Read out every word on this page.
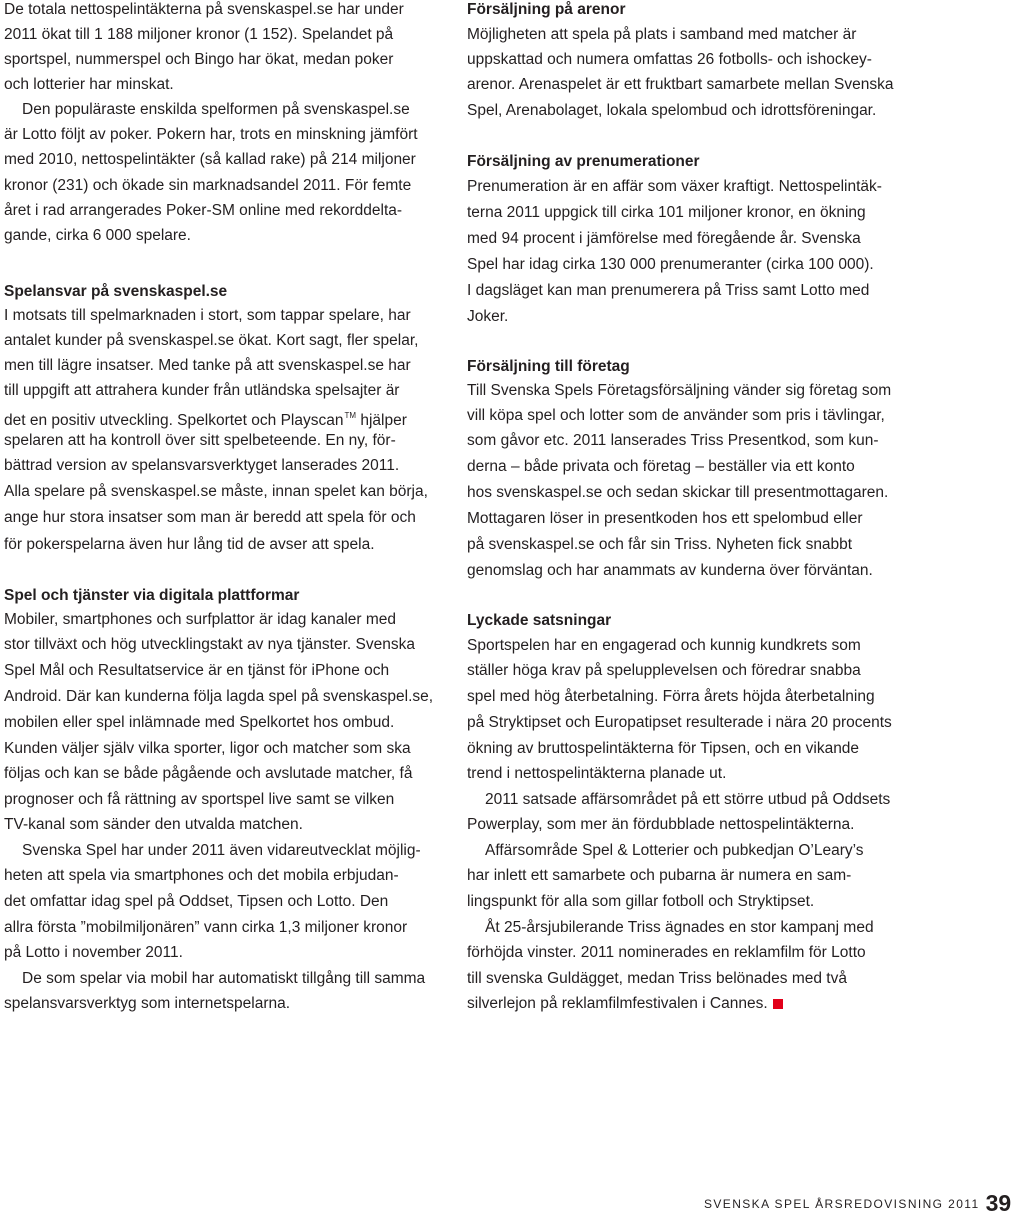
De totala nettospelintäkterna på svenskaspel.se har under
2011 ökat till 1 188 miljoner kronor (1 152). Spelandet på
sportspel, nummerspel och Bingo har ökat, medan poker
och lotterier har minskat.
Den populäraste enskilda spelformen på svenskaspel.se
är Lotto följt av poker. Pokern har, trots en minskning jämfört
med 2010, nettospelintäkter (så kallad rake) på 214 miljoner
kronor (231) och ökade sin marknadsandel 2011. För femte
året i rad arrangerades Poker-SM online med rekorddelta-
gande, cirka 6 000 spelare.
Spelansvar på svenskaspel.se
I motsats till spelmarknaden i stort, som tappar spelare, har
antalet kunder på svenskaspel.se ökat. Kort sagt, fler spelar,
men till lägre insatser. Med tanke på att svenskaspel.se har
till uppgift att attrahera kunder från utländska spelsajter är
det en positiv utveckling. Spelkortet och Playscan™ hjälper
spelaren att ha kontroll över sitt spelbeteende. En ny, för-
bättrad version av spelansvarsverktyget lanserades 2011.
Alla spelare på svenskaspel.se måste, innan spelet kan börja,
ange hur stora insatser som man är beredd att spela för och
för pokerspelarna även hur lång tid de avser att spela.
Spel och tjänster via digitala plattformar
Mobiler, smartphones och surfplattor är idag kanaler med
stor tillväxt och hög utvecklingstakt av nya tjänster. Svenska
Spel Mål och Resultatservice är en tjänst för iPhone och
Android. Där kan kunderna följa lagda spel på svenskaspel.se,
mobilen eller spel inlämnade med Spelkortet hos ombud.
Kunden väljer själv vilka sporter, ligor och matcher som ska
följas och kan se både pågående och avslutade matcher, få
prognoser och få rättning av sportspel live samt se vilken
TV-kanal som sänder den utvalda matchen.
Svenska Spel har under 2011 även vidareutvecklat möjlig-
heten att spela via smartphones och det mobila erbjudan-
det omfattar idag spel på Oddset, Tipsen och Lotto. Den
allra första ”mobilmiljonären” vann cirka 1,3 miljoner kronor
på Lotto i november 2011.
De som spelar via mobil har automatiskt tillgång till samma
spelansvarsverktyg som internetspelarna.
Försäljning på arenor
Möjligheten att spela på plats i samband med matcher är
uppskattad och numera omfattas 26 fotbolls- och ishockey-
arenor. Arenaspelet är ett fruktbart samarbete mellan Svenska
Spel, Arenabolaget, lokala spelombud och idrottsföreningar.
Försäljning av prenumerationer
Prenumeration är en affär som växer kraftigt. Nettospelintäk-
terna 2011 uppgick till cirka 101 miljoner kronor, en ökning
med 94 procent i jämförelse med föregående år. Svenska
Spel har idag cirka 130 000 prenumeranter (cirka 100 000).
I dagsläget kan man prenumerera på Triss samt Lotto med
Joker.
Försäljning till företag
Till Svenska Spels Företagsförsäljning vänder sig företag som
vill köpa spel och lotter som de använder som pris i tävlingar,
som gåvor etc. 2011 lanserades Triss Presentkod, som kun-
derna – både privata och företag – beställer via ett konto
hos svenskaspel.se och sedan skickar till presentmottagaren.
Mottagaren löser in presentkoden hos ett spelombud eller
på svenskaspel.se och får sin Triss. Nyheten fick snabbt
genomslag och har anammats av kunderna över förväntan.
Lyckade satsningar
Sportspelen har en engagerad och kunnig kundkrets som
ställer höga krav på spelupplevelsen och föredrar snabba
spel med hög återbetalning. Förra årets höjda återbetalning
på Stryktipset och Europatipset resulterade i nära 20 procents
ökning av bruttospelintäkterna för Tipsen, och en vikande
trend i nettospelintäkterna planade ut.
2011 satsade affärsområdet på ett större utbud på Oddsets
Powerplay, som mer än fördubblade nettospelintäkterna.
Affärsområde Spel & Lotterier och pubkedjan O’Leary’s
har inlett ett samarbete och pubarna är numera en sam-
lingspunkt för alla som gillar fotboll och Stryktipset.
Åt 25-årsjubilerande Triss ägnades en stor kampanj med
förhöjda vinster. 2011 nominerades en reklamfilm för Lotto
till svenska Guldägget, medan Triss belönades med två
silverlejon på reklamfilmfestivalen i Cannes.
SVENSKA SPEL ÅRSREDOVISNING 2011 39
